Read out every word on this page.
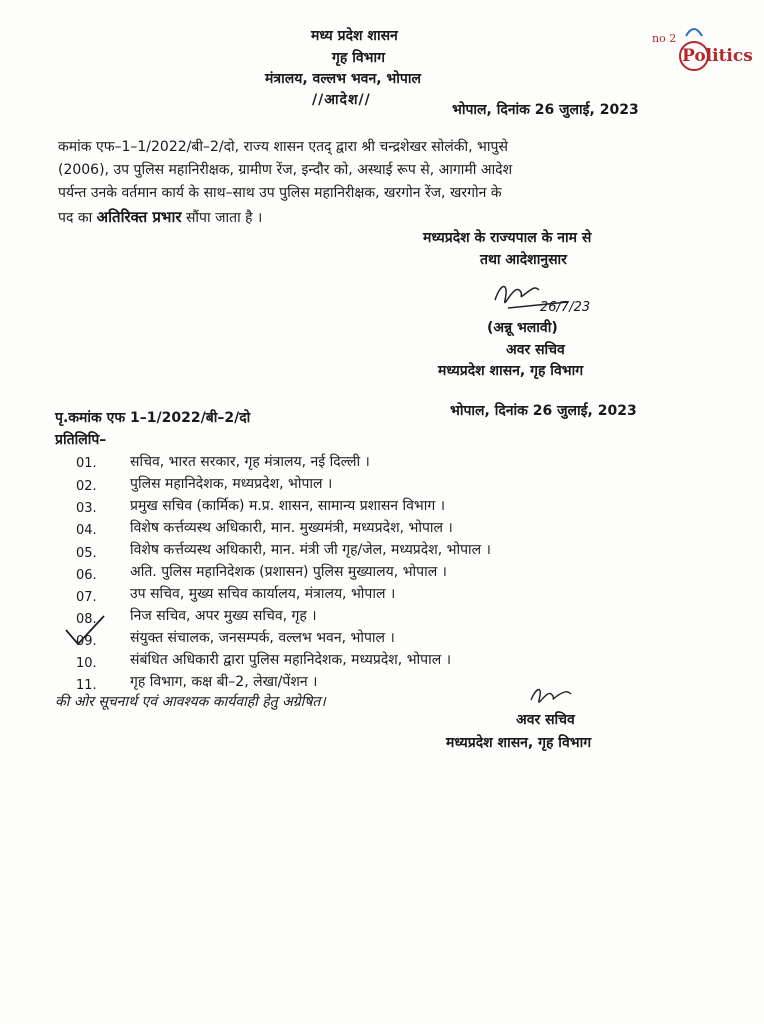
no 2
Politics
मध्य प्रदेश शासन
गृह विभाग
मंत्रालय, वल्लभ भवन, भोपाल
//आदेश//
भोपाल, दिनांक 26 जुलाई, 2023
कमांक एफ–1–1/2022/बी–2/दो, राज्य शासन एतद् द्वारा श्री चन्द्रशेखर सोलंकी, भापुसे
(2006), उप पुलिस महानिरीक्षक, ग्रामीण रेंज, इन्दौर को, अस्थाई रूप से, आगामी आदेश
पर्यन्त उनके वर्तमान कार्य के साथ–साथ उप पुलिस महानिरीक्षक, खरगोन रेंज, खरगोन के
पद का अतिरिक्त प्रभार सौंपा जाता है ।
मध्यप्रदेश के राज्यपाल के नाम से
तथा आदेशानुसार
26/7/23
(अन्नू भलावी)
अवर सचिव
मध्यप्रदेश शासन, गृह विभाग
पृ.कमांक एफ 1–1/2022/बी–2/दो	भोपाल, दिनांक 26 जुलाई, 2023
प्रतिलिपि–
01. सचिव, भारत सरकार, गृह मंत्रालय, नई दिल्ली ।
02. पुलिस महानिदेशक, मध्यप्रदेश, भोपाल ।
03. प्रमुख सचिव (कार्मिक) म.प्र. शासन, सामान्य प्रशासन विभाग ।
04. विशेष कर्त्तव्यस्थ अधिकारी, मान. मुख्यमंत्री, मध्यप्रदेश, भोपाल ।
05. विशेष कर्त्तव्यस्थ अधिकारी, मान. मंत्री जी गृह/जेल, मध्यप्रदेश, भोपाल ।
06. अति. पुलिस महानिदेशक (प्रशासन) पुलिस मुख्यालय, भोपाल ।
07. उप सचिव, मुख्य सचिव कार्यालय, मंत्रालय, भोपाल ।
08. निज सचिव, अपर मुख्य सचिव, गृह ।
09. संयुक्त संचालक, जनसम्पर्क, वल्लभ भवन, भोपाल ।
10. संबंधित अधिकारी द्वारा पुलिस महानिदेशक, मध्यप्रदेश, भोपाल ।
11. गृह विभाग, कक्ष बी–2, लेखा/पेंशन ।
की ओर सूचनार्थ एवं आवश्यक कार्यवाही हेतु अग्रेषित।
अवर सचिव
मध्यप्रदेश शासन, गृह विभाग
